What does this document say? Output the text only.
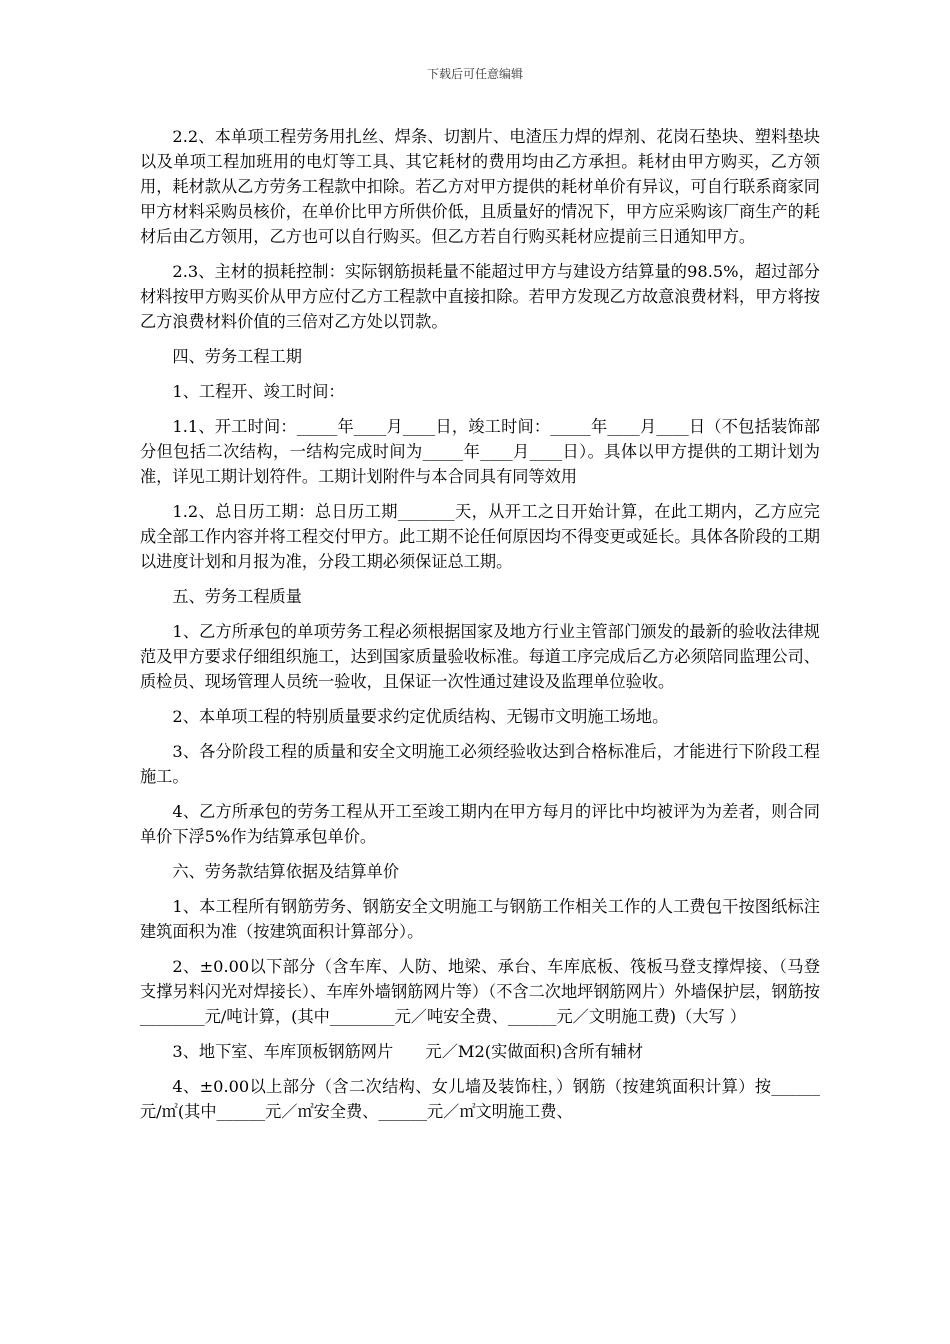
下载后可任意编辑

2.2、本单项工程劳务用扎丝、焊条、切割片、电渣压力焊的焊剂、花岗石垫块、塑料垫块以及单项工程加班用的电灯等工具、其它耗材的费用均由乙方承担。耗材由甲方购买，乙方领用，耗材款从乙方劳务工程款中扣除。若乙方对甲方提供的耗材单价有异议，可自行联系商家同甲方材料采购员核价，在单价比甲方所供价低，且质量好的情况下，甲方应采购该厂商生产的耗材后由乙方领用，乙方也可以自行购买。但乙方若自行购买耗材应提前三日通知甲方。

2.3、主材的损耗控制：实际钢筋损耗量不能超过甲方与建设方结算量的98.5%，超过部分材料按甲方购买价从甲方应付乙方工程款中直接扣除。若甲方发现乙方故意浪费材料，甲方将按乙方浪费材料价值的三倍对乙方处以罚款。

四、劳务工程工期

1、工程开、竣工时间：

1.1、开工时间：_____年____月____日，竣工时间：_____年____月____日（不包括装饰部分但包括二次结构，一结构完成时间为_____年____月____日）。具体以甲方提供的工期计划为准，详见工期计划符件。工期计划附件与本合同具有同等效用

1.2、总日历工期：总日历工期_______天，从开工之日开始计算，在此工期内，乙方应完成全部工作内容并将工程交付甲方。此工期不论任何原因均不得变更或延长。具体各阶段的工期以进度计划和月报为准，分段工期必须保证总工期。

五、劳务工程质量

1、乙方所承包的单项劳务工程必须根据国家及地方行业主管部门颁发的最新的验收法律规范及甲方要求仔细组织施工，达到国家质量验收标准。每道工序完成后乙方必须陪同监理公司、质检员、现场管理人员统一验收，且保证一次性通过建设及监理单位验收。

2、本单项工程的特别质量要求约定优质结构、无锡市文明施工场地。

3、各分阶段工程的质量和安全文明施工必须经验收达到合格标准后，才能进行下阶段工程施工。

4、乙方所承包的劳务工程从开工至竣工期内在甲方每月的评比中均被评为为差者，则合同单价下浮5%作为结算承包单价。

六、劳务款结算依据及结算单价

1、本工程所有钢筋劳务、钢筋安全文明施工与钢筋工作相关工作的人工费包干按图纸标注建筑面积为准（按建筑面积计算部分）。

2、±0.00以下部分（含车库、人防、地梁、承台、车库底板、筏板马登支撑焊接、（马登支撑另料闪光对焊接长）、车库外墙钢筋网片等）（不含二次地坪钢筋网片）外墙保护层，钢筋按________元/吨计算，(其中________元／吨安全费、______元／文明施工费)（大写 ）

3、地下室、车库顶板钢筋网片　　元／M2(实做面积)含所有辅材

4、±0.00以上部分（含二次结构、女儿墙及装饰柱，）钢筋（按建筑面积计算）按______元/㎡(其中______元／㎡安全费、______元／㎡文明施工费、
